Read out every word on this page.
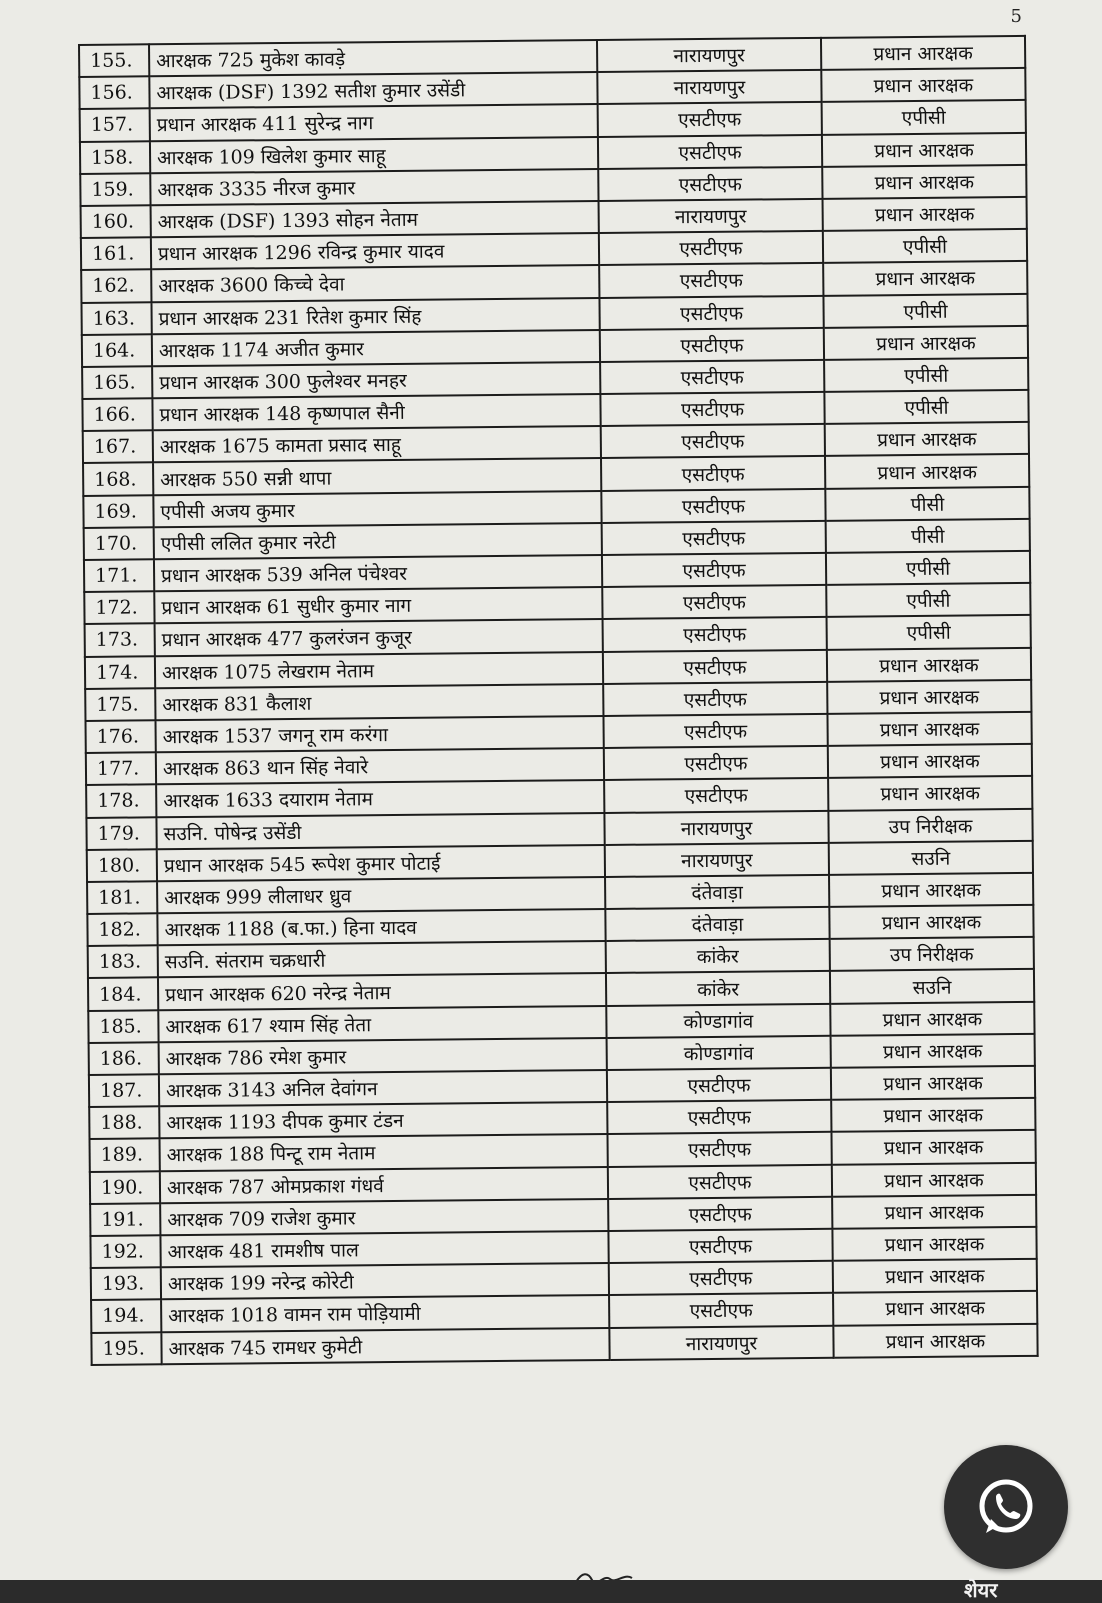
5
155.	आरक्षक 725 मुकेश कावड़े	नारायणपुर	प्रधान आरक्षक
156.	आरक्षक (DSF) 1392 सतीश कुमार उसेंडी	नारायणपुर	प्रधान आरक्षक
157.	प्रधान आरक्षक 411 सुरेन्द्र नाग	एसटीएफ	एपीसी
158.	आरक्षक 109 खिलेश कुमार साहू	एसटीएफ	प्रधान आरक्षक
159.	आरक्षक 3335 नीरज कुमार	एसटीएफ	प्रधान आरक्षक
160.	आरक्षक (DSF) 1393 सोहन नेताम	नारायणपुर	प्रधान आरक्षक
161.	प्रधान आरक्षक 1296 रविन्द्र कुमार यादव	एसटीएफ	एपीसी
162.	आरक्षक 3600 किच्चे देवा	एसटीएफ	प्रधान आरक्षक
163.	प्रधान आरक्षक 231 रितेश कुमार सिंह	एसटीएफ	एपीसी
164.	आरक्षक 1174 अजीत कुमार	एसटीएफ	प्रधान आरक्षक
165.	प्रधान आरक्षक 300 फुलेश्वर मनहर	एसटीएफ	एपीसी
166.	प्रधान आरक्षक 148 कृष्णपाल सैनी	एसटीएफ	एपीसी
167.	आरक्षक 1675 कामता प्रसाद साहू	एसटीएफ	प्रधान आरक्षक
168.	आरक्षक 550 सन्नी थापा	एसटीएफ	प्रधान आरक्षक
169.	एपीसी अजय कुमार	एसटीएफ	पीसी
170.	एपीसी ललित कुमार नरेटी	एसटीएफ	पीसी
171.	प्रधान आरक्षक 539 अनिल पंचेश्वर	एसटीएफ	एपीसी
172.	प्रधान आरक्षक 61 सुधीर कुमार नाग	एसटीएफ	एपीसी
173.	प्रधान आरक्षक 477 कुलरंजन कुजूर	एसटीएफ	एपीसी
174.	आरक्षक 1075 लेखराम नेताम	एसटीएफ	प्रधान आरक्षक
175.	आरक्षक 831 कैलाश	एसटीएफ	प्रधान आरक्षक
176.	आरक्षक 1537 जगनू राम करंगा	एसटीएफ	प्रधान आरक्षक
177.	आरक्षक 863 थान सिंह नेवारे	एसटीएफ	प्रधान आरक्षक
178.	आरक्षक 1633 दयाराम नेताम	एसटीएफ	प्रधान आरक्षक
179.	सउनि. पोषेन्द्र उसेंडी	नारायणपुर	उप निरीक्षक
180.	प्रधान आरक्षक 545 रूपेश कुमार पोटाई	नारायणपुर	सउनि
181.	आरक्षक 999 लीलाधर ध्रुव	दंतेवाड़ा	प्रधान आरक्षक
182.	आरक्षक 1188 (ब.फा.) हिना यादव	दंतेवाड़ा	प्रधान आरक्षक
183.	सउनि. संतराम चक्रधारी	कांकेर	उप निरीक्षक
184.	प्रधान आरक्षक 620 नरेन्द्र नेताम	कांकेर	सउनि
185.	आरक्षक 617 श्याम सिंह तेता	कोण्डागांव	प्रधान आरक्षक
186.	आरक्षक 786 रमेश कुमार	कोण्डागांव	प्रधान आरक्षक
187.	आरक्षक 3143 अनिल देवांगन	एसटीएफ	प्रधान आरक्षक
188.	आरक्षक 1193 दीपक कुमार टंडन	एसटीएफ	प्रधान आरक्षक
189.	आरक्षक 188 पिन्टू राम नेताम	एसटीएफ	प्रधान आरक्षक
190.	आरक्षक 787 ओमप्रकाश गंधर्व	एसटीएफ	प्रधान आरक्षक
191.	आरक्षक 709 राजेश कुमार	एसटीएफ	प्रधान आरक्षक
192.	आरक्षक 481 रामशीष पाल	एसटीएफ	प्रधान आरक्षक
193.	आरक्षक 199 नरेन्द्र कोरेटी	एसटीएफ	प्रधान आरक्षक
194.	आरक्षक 1018 वामन राम पोड़ियामी	एसटीएफ	प्रधान आरक्षक
195.	आरक्षक 745 रामधर कुमेटी	नारायणपुर	प्रधान आरक्षक
शेयर
